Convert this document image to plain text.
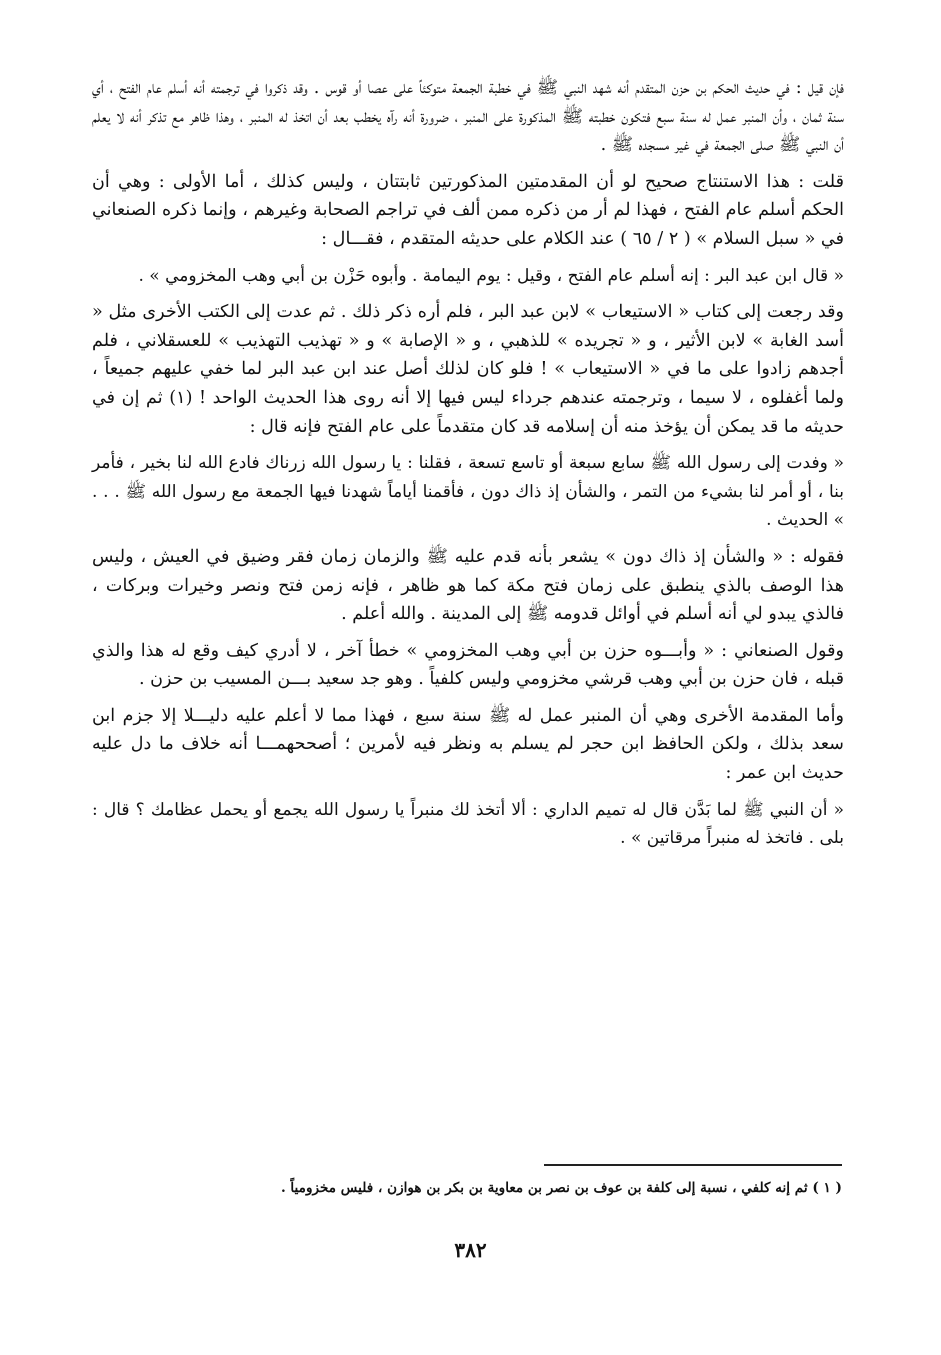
فإن قيل : في حديث الحكم بن حزن المتقدم أنه شهد النبي ﷺ في خطبة الجمعة متوكئاً على عصا أو قوس . وقد ذكروا في ترجمته أنه أسلم عام الفتح ، أي سنة ثمان ، وأن المنبر عمل له سنة سبع فتكون خطبته ﷺ المذكورة على المنبر ، ضرورة أنه رآه يخطب بعد أن اتخذ له المنبر ، وهذا ظاهر مع تذكر أنه لا يعلم أن النبي ﷺ صلى الجمعة في غير مسجده ﷺ .

قلت : هذا الاستنتاج صحيح لو أن المقدمتين المذكورتين ثابتتان ، وليس كذلك ، أما الأولى : وهي أن الحكم أسلم عام الفتح ، فهذا لم أر من ذكره ممن ألف في تراجم الصحابة وغيرهم ، وإنما ذكره الصنعاني في « سبل السلام » ( ٢ / ٦٥ ) عند الكلام على حديثه المتقدم ، فقـــال :

« قال ابن عبد البر : إنه أسلم عام الفتح ، وقيل : يوم اليمامة . وأبوه حَزْن بن أبي وهب المخزومي » .

وقد رجعت إلى كتاب « الاستيعاب » لابن عبد البر ، فلم أره ذكر ذلك . ثم عدت إلى الكتب الأخرى مثل « أسد الغابة » لابن الأثير ، و « تجريده » للذهبي ، و « الإصابة » و « تهذيب التهذيب » للعسقلاني ، فلم أجدهم زادوا على ما في « الاستيعاب » ! فلو كان لذلك أصل عند ابن عبد البر لما خفي عليهم جميعاً ، ولما أغفلوه ، لا سيما ، وترجمته عندهم جرداء ليس فيها إلا أنه روى هذا الحديث الواحد ! (١) ثم إن في حديثه ما قد يمكن أن يؤخذ منه أن إسلامه قد كان متقدماً على عام الفتح فإنه قال :

« وفدت إلى رسول الله ﷺ سابع سبعة أو تاسع تسعة ، فقلنا : يا رسول الله زرناك فادع الله لنا بخير ، فأمر بنا ، أو أمر لنا بشيء من التمر ، والشأن إذ ذاك دون ، فأقمنا أياماً شهدنا فيها الجمعة مع رسول الله ﷺ . . . » الحديث .

فقوله : « والشأن إذ ذاك دون » يشعر بأنه قدم عليه ﷺ والزمان زمان فقر وضيق في العيش ، وليس هذا الوصف بالذي ينطبق على زمان فتح مكة كما هو ظاهر ، فإنه زمن فتح ونصر وخيرات وبركات ، فالذي يبدو لي أنه أسلم في أوائل قدومه ﷺ إلى المدينة . والله أعلم .

وقول الصنعاني : « وأبـــوه حزن بن أبي وهب المخزومي » خطأ آخر ، لا أدري كيف وقع له هذا والذي قبله ، فان حزن بن أبي وهب قرشي مخزومي وليس كلفياً . وهو جد سعيد بـــن المسيب بن حزن .

وأما المقدمة الأخرى وهي أن المنبر عمل له ﷺ سنة سبع ، فهذا مما لا أعلم عليه دليـــلا إلا جزم ابن سعد بذلك ، ولكن الحافظ ابن حجر لم يسلم به ونظر فيه لأمرين ؛ أصححهمـــا أنه خلاف ما دل عليه حديث ابن عمر :

« أن النبي ﷺ لما بَدَّن قال له تميم الداري : ألا أتخذ لك منبراً يا رسول الله يجمع أو يحمل عظامك ؟ قال : بلى . فاتخذ له منبراً مرقاتين » .

( ١ ) ثم إنه كلفي ، نسبة إلى كلفة بن عوف بن نصر بن معاوية بن بكر بن هوازن ، فليس مخزومياً .
٣٨٢
